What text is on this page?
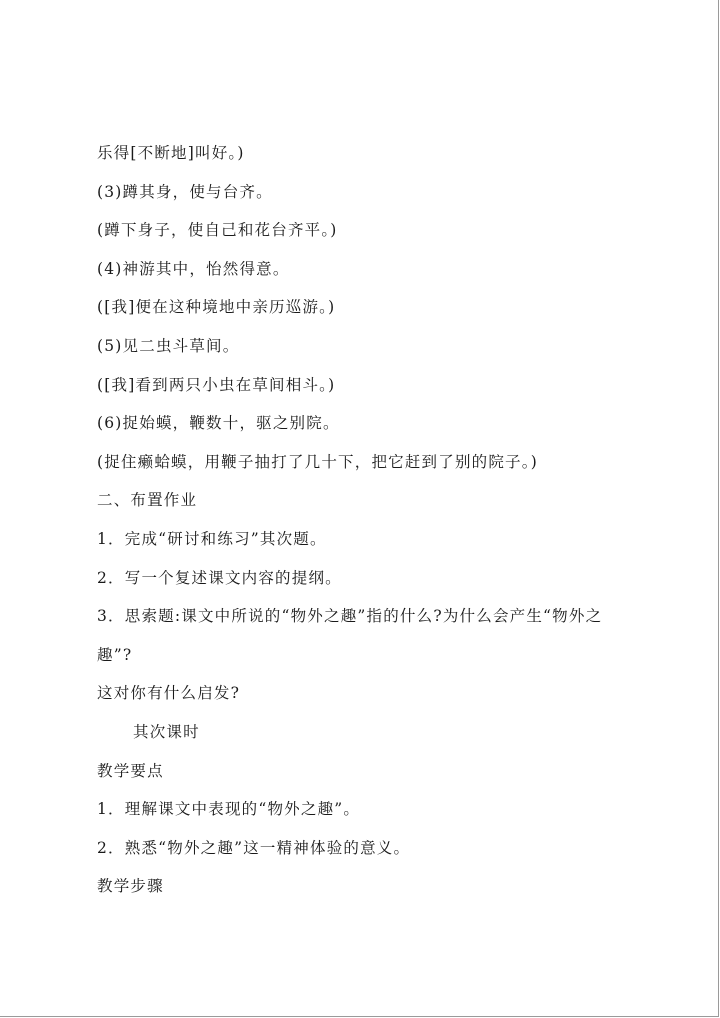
乐得[不断地]叫好。)
(3)蹲其身，使与台齐。
(蹲下身子，使自己和花台齐平。)
(4)神游其中，怡然得意。
([我]便在这种境地中亲历巡游。)
(5)见二虫斗草间。
([我]看到两只小虫在草间相斗。)
(6)捉始蟆，鞭数十，驱之别院。
(捉住癞蛤蟆，用鞭子抽打了几十下，把它赶到了别的院子。)
二、布置作业
1．完成“研讨和练习”其次题。
2．写一个复述课文内容的提纲。
3．思索题:课文中所说的“物外之趣”指的什么?为什么会产生“物外之
趣”?
这对你有什么启发?
其次课时
教学要点
1．理解课文中表现的“物外之趣”。
2．熟悉“物外之趣”这一精神体验的意义。
教学步骤
